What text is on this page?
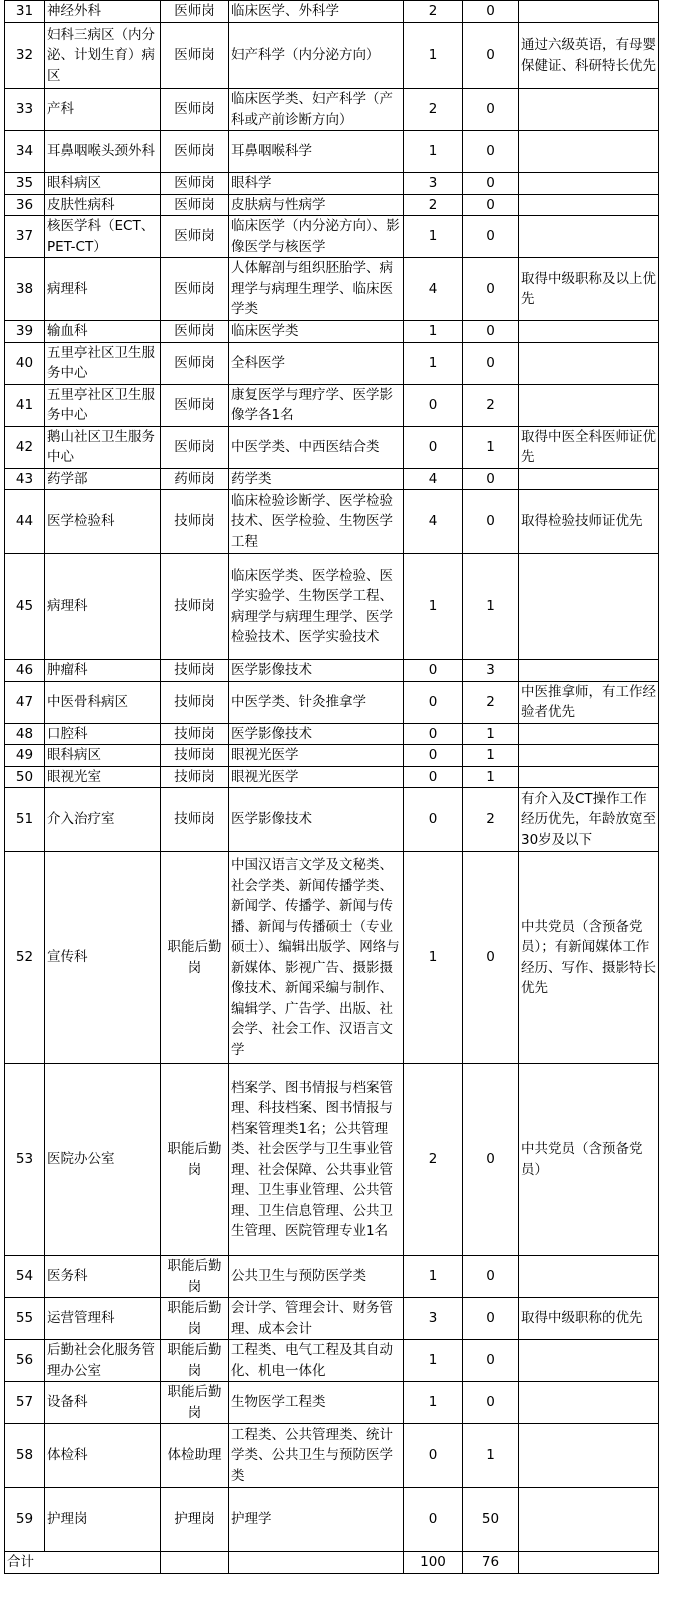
31	神经外科	医师岗	临床医学、外科学	2	0	
32	妇科三病区（内分泌、计划生育）病区	医师岗	妇产科学（内分泌方向）	1	0	通过六级英语，有母婴保健证、科研特长优先
33	产科	医师岗	临床医学类、妇产科学（产科或产前诊断方向）	2	0	
34	耳鼻咽喉头颈外科	医师岗	耳鼻咽喉科学	1	0	
35	眼科病区	医师岗	眼科学	3	0	
36	皮肤性病科	医师岗	皮肤病与性病学	2	0	
37	核医学科（ECT、PET-CT）	医师岗	临床医学（内分泌方向）、影像医学与核医学	1	0	
38	病理科	医师岗	人体解剖与组织胚胎学、病理学与病理生理学、临床医学类	4	0	取得中级职称及以上优先
39	输血科	医师岗	临床医学类	1	0	
40	五里亭社区卫生服务中心	医师岗	全科医学	1	0	
41	五里亭社区卫生服务中心	医师岗	康复医学与理疗学、医学影像学各1名	0	2	
42	鹅山社区卫生服务中心	医师岗	中医学类、中西医结合类	0	1	取得中医全科医师证优先
43	药学部	药师岗	药学类	4	0	
44	医学检验科	技师岗	临床检验诊断学、医学检验技术、医学检验、生物医学工程	4	0	取得检验技师证优先
45	病理科	技师岗	临床医学类、医学检验、医学实验学、生物医学工程、病理学与病理生理学、医学检验技术、医学实验技术	1	1	
46	肿瘤科	技师岗	医学影像技术	0	3	
47	中医骨科病区	技师岗	中医学类、针灸推拿学	0	2	中医推拿师，有工作经验者优先
48	口腔科	技师岗	医学影像技术	0	1	
49	眼科病区	技师岗	眼视光医学	0	1	
50	眼视光室	技师岗	眼视光医学	0	1	
51	介入治疗室	技师岗	医学影像技术	0	2	有介入及CT操作工作经历优先，年龄放宽至30岁及以下
52	宣传科	职能后勤岗	中国汉语言文学及文秘类、社会学类、新闻传播学类、新闻学、传播学、新闻与传播、新闻与传播硕士（专业硕士）、编辑出版学、网络与新媒体、影视广告、摄影摄像技术、新闻采编与制作、编辑学、广告学、出版、社会学、社会工作、汉语言文学	1	0	中共党员（含预备党员）；有新闻媒体工作经历、写作、摄影特长优先
53	医院办公室	职能后勤岗	档案学、图书情报与档案管理、科技档案、图书情报与档案管理类1名；公共管理类、社会医学与卫生事业管理、社会保障、公共事业管理、卫生事业管理、公共管理、卫生信息管理、公共卫生管理、医院管理专业1名	2	0	中共党员（含预备党员）
54	医务科	职能后勤岗	公共卫生与预防医学类	1	0	
55	运营管理科	职能后勤岗	会计学、管理会计、财务管理、成本会计	3	0	取得中级职称的优先
56	后勤社会化服务管理办公室	职能后勤岗	工程类、电气工程及其自动化、机电一体化	1	0	
57	设备科	职能后勤岗	生物医学工程类	1	0	
58	体检科	体检助理	工程类、公共管理类、统计学类、公共卫生与预防医学类	0	1	
59	护理岗	护理岗	护理学	0	50	
合计				100	76	
